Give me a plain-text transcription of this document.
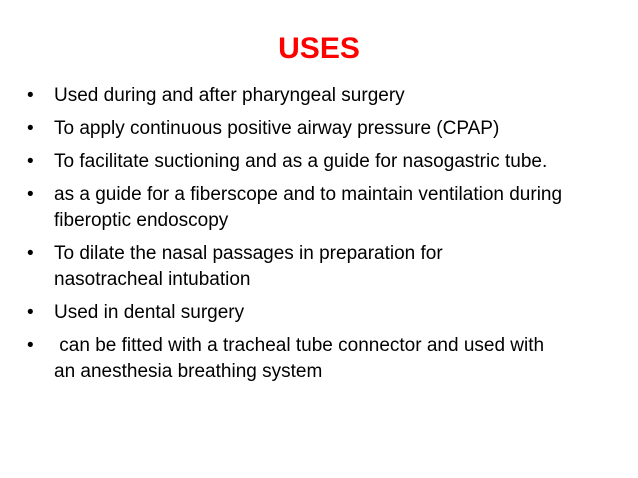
USES
• Used during and after pharyngeal surgery
• To apply continuous positive airway pressure (CPAP)
• To facilitate suctioning and as a guide for nasogastric tube.
• as a guide for a fiberscope and to maintain ventilation during fiberoptic endoscopy
• To dilate the nasal passages in preparation for nasotracheal intubation
• Used in dental surgery
• can be fitted with a tracheal tube connector and used with an anesthesia breathing system
